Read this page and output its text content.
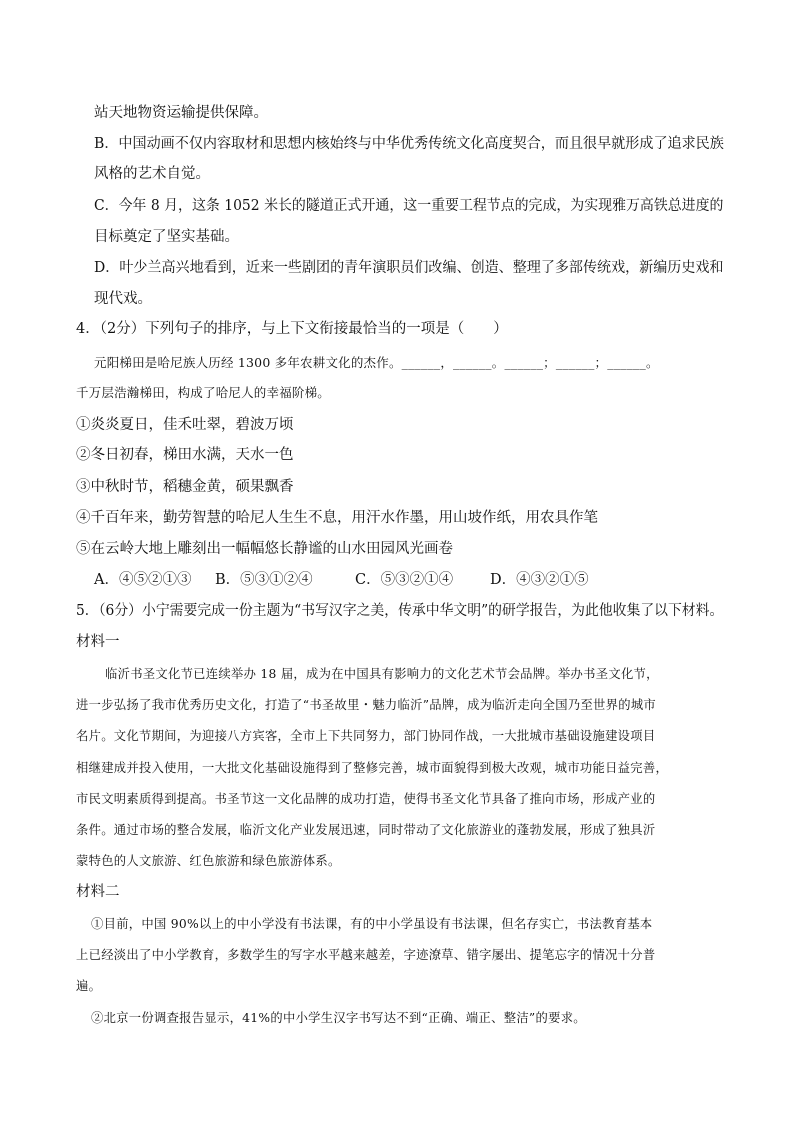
站天地物资运输提供保障。
B．中国动画不仅内容取材和思想内核始终与中华优秀传统文化高度契合，而且很早就形成了追求民族
风格的艺术自觉。
C．今年 8 月，这条 1052 米长的隧道正式开通，这一重要工程节点的完成，为实现雅万高铁总进度的
目标奠定了坚实基础。
D．叶少兰高兴地看到，近来一些剧团的青年演职员们改编、创造、整理了多部传统戏，新编历史戏和
现代戏。
4．（2分）下列句子的排序，与上下文衔接最恰当的一项是（　　）
元阳梯田是哈尼族人历经 1300 多年农耕文化的杰作。______，______。______；______；______。
千万层浩瀚梯田，构成了哈尼人的幸福阶梯。
①炎炎夏日，佳禾吐翠，碧波万顷
②冬日初春，梯田水满，天水一色
③中秋时节，稻穗金黄，硕果飘香
④千百年来，勤劳智慧的哈尼人生生不息，用汗水作墨，用山坡作纸，用农具作笔
⑤在云岭大地上雕刻出一幅幅悠长静谧的山水田园风光画卷
A．④⑤②①③ B．⑤③①②④	C．⑤③②①④	D．④③②①⑤
5．（6分）小宁需要完成一份主题为“书写汉字之美，传承中华文明”的研学报告，为此他收集了以下材料。
材料一
临沂书圣文化节已连续举办 18 届，成为在中国具有影响力的文化艺术节会品牌。举办书圣文化节，
进一步弘扬了我市优秀历史文化，打造了“书圣故里・魅力临沂”品牌，成为临沂走向全国乃至世界的城市
名片。文化节期间，为迎接八方宾客，全市上下共同努力，部门协同作战，一大批城市基础设施建设项目
相继建成并投入使用，一大批文化基础设施得到了整修完善，城市面貌得到极大改观，城市功能日益完善，
市民文明素质得到提高。书圣节这一文化品牌的成功打造，使得书圣文化节具备了推向市场，形成产业的
条件。通过市场的整合发展，临沂文化产业发展迅速，同时带动了文化旅游业的蓬勃发展，形成了独具沂
蒙特色的人文旅游、红色旅游和绿色旅游体系。
材料二
①目前，中国 90%以上的中小学没有书法课，有的中小学虽设有书法课，但名存实亡，书法教育基本
上已经淡出了中小学教育，多数学生的写字水平越来越差，字迹潦草、错字屡出、提笔忘字的情况十分普
遍。
②北京一份调查报告显示，41%的中小学生汉字书写达不到“正确、端正、整洁”的要求。
